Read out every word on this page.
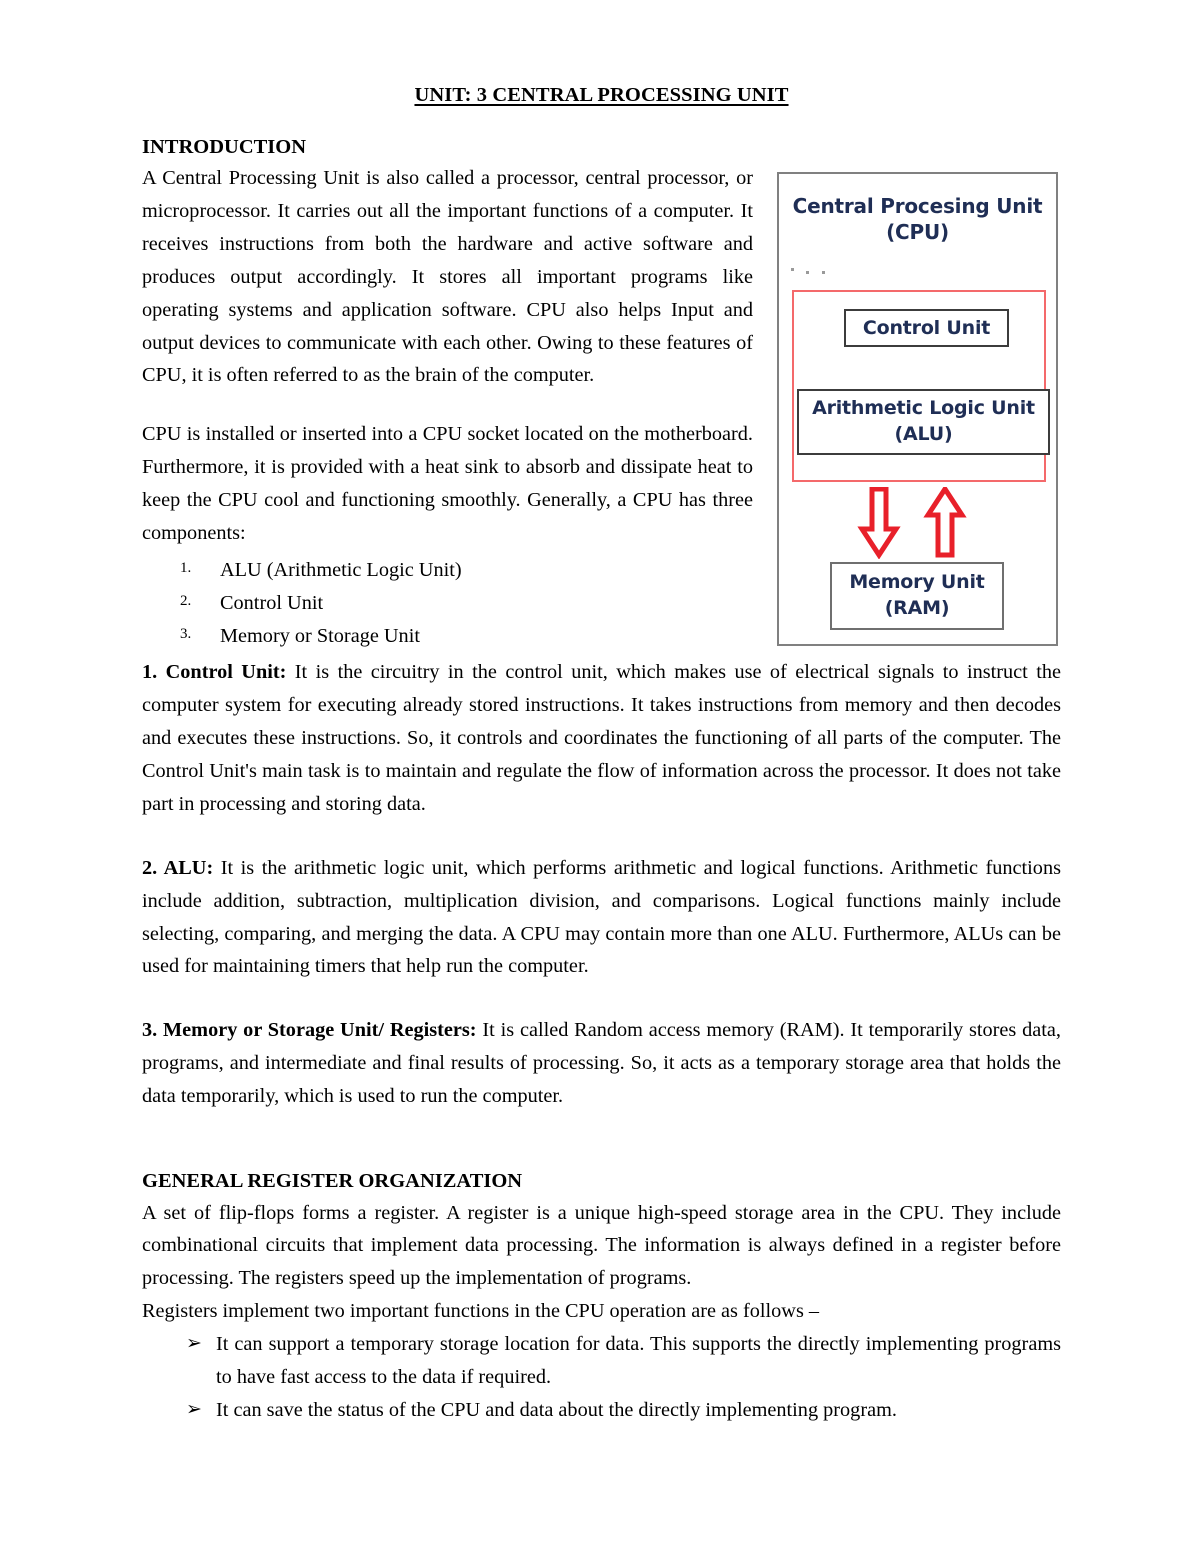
Central Procesing Unit
(CPU)
Control Unit
Arithmetic Logic Unit
(ALU)
Memory Unit
(RAM)
UNIT: 3 CENTRAL PROCESSING UNIT
INTRODUCTION

A Central Processing Unit is also called a processor, central processor, or microprocessor. It carries out all the important functions of a computer. It receives instructions from both the hardware and active software and produces output accordingly. It stores all important programs like operating systems and application software. CPU also helps Input and output devices to communicate with each other. Owing to these features of CPU, it is often referred to as the brain of the computer.

CPU is installed or inserted into a CPU socket located on the motherboard. Furthermore, it is provided with a heat sink to absorb and dissipate heat to keep the CPU cool and functioning smoothly. Generally, a CPU has three components:

ALU (Arithmetic Logic Unit)
Control Unit
Memory or Storage Unit

1. Control Unit: It is the circuitry in the control unit, which makes use of electrical signals to instruct the computer system for executing already stored instructions. It takes instructions from memory and then decodes and executes these instructions. So, it controls and coordinates the functioning of all parts of the computer. The Control Unit's main task is to maintain and regulate the flow of information across the processor. It does not take part in processing and storing data.

2. ALU: It is the arithmetic logic unit, which performs arithmetic and logical functions. Arithmetic functions include addition, subtraction, multiplication division, and comparisons. Logical functions mainly include selecting, comparing, and merging the data. A CPU may contain more than one ALU. Furthermore, ALUs can be used for maintaining timers that help run the computer.

3. Memory or Storage Unit/ Registers: It is called Random access memory (RAM). It temporarily stores data, programs, and intermediate and final results of processing. So, it acts as a temporary storage area that holds the data temporarily, which is used to run the computer.

GENERAL REGISTER ORGANIZATION

A set of flip-flops forms a register. A register is a unique high-speed storage area in the CPU. They include combinational circuits that implement data processing. The information is always defined in a register before processing. The registers speed up the implementation of programs.

Registers implement two important functions in the CPU operation are as follows –

➢ It can support a temporary storage location for data. This supports the directly implementing programs to have fast access to the data if required.
➢ It can save the status of the CPU and data about the directly implementing program.
